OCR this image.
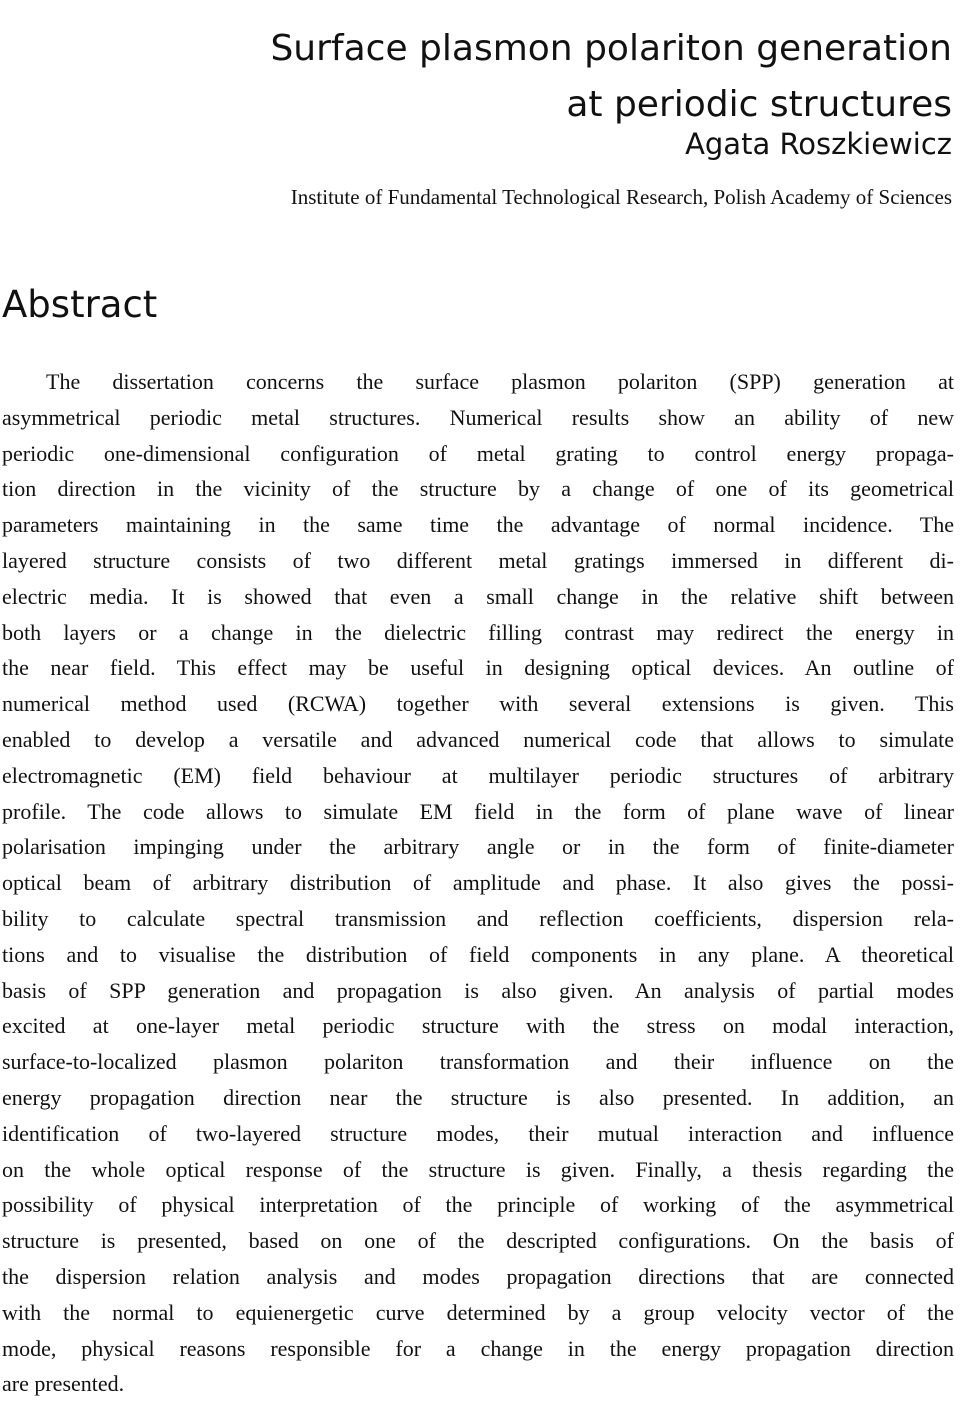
Surface plasmon polariton generation
at periodic structures
Agata Roszkiewicz
Institute of Fundamental Technological Research, Polish Academy of Sciences
Abstract
The dissertation concerns the surface plasmon polariton (SPP) generation at
asymmetrical periodic metal structures. Numerical results show an ability of new
periodic one-dimensional configuration of metal grating to control energy propaga-
tion direction in the vicinity of the structure by a change of one of its geometrical
parameters maintaining in the same time the advantage of normal incidence. The
layered structure consists of two different metal gratings immersed in different di-
electric media. It is showed that even a small change in the relative shift between
both layers or a change in the dielectric filling contrast may redirect the energy in
the near field. This effect may be useful in designing optical devices. An outline of
numerical method used (RCWA) together with several extensions is given. This
enabled to develop a versatile and advanced numerical code that allows to simulate
electromagnetic (EM) field behaviour at multilayer periodic structures of arbitrary
profile. The code allows to simulate EM field in the form of plane wave of linear
polarisation impinging under the arbitrary angle or in the form of finite-diameter
optical beam of arbitrary distribution of amplitude and phase. It also gives the possi-
bility to calculate spectral transmission and reflection coefficients, dispersion rela-
tions and to visualise the distribution of field components in any plane. A theoretical
basis of SPP generation and propagation is also given. An analysis of partial modes
excited at one-layer metal periodic structure with the stress on modal interaction,
surface-to-localized plasmon polariton transformation and their influence on the
energy propagation direction near the structure is also presented. In addition, an
identification of two-layered structure modes, their mutual interaction and influence
on the whole optical response of the structure is given. Finally, a thesis regarding the
possibility of physical interpretation of the principle of working of the asymmetrical
structure is presented, based on one of the descripted configurations. On the basis of
the dispersion relation analysis and modes propagation directions that are connected
with the normal to equienergetic curve determined by a group velocity vector of the
mode, physical reasons responsible for a change in the energy propagation direction
are presented.
